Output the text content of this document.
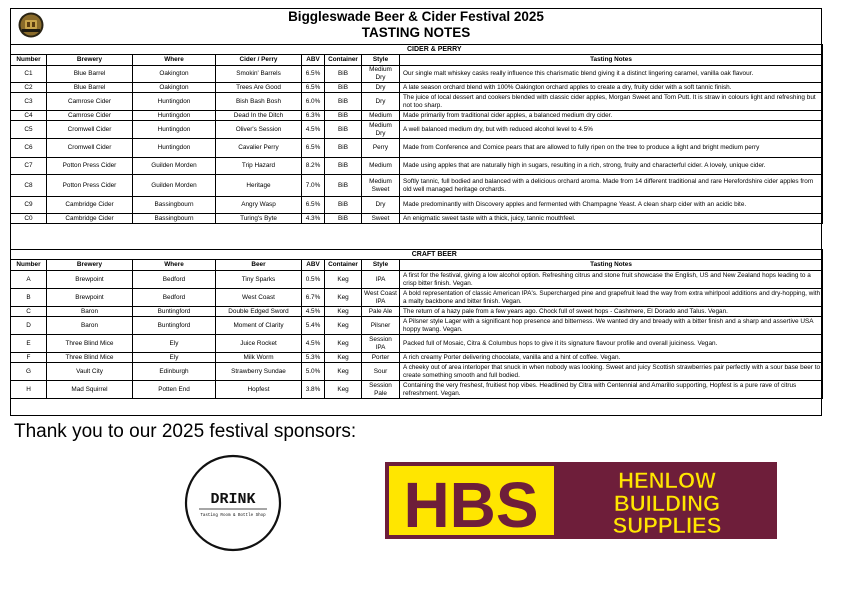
Biggleswade Beer & Cider Festival 2025
TASTING NOTES
	CIDER & PERRY						
Number	Brewery	Where	Cider / Perry	ABV	Container	Style	Tasting Notes
C1	Blue Barrel	Oakington	Smokin' Barrels	6.5%	BiB	Medium Dry	Our single malt whiskey casks really influence this charismatic blend giving it a distinct lingering caramel, vanilla oak flavour.
C2	Blue Barrel	Oakington	Trees Are Good	6.5%	BiB	Dry	A late season orchard blend with 100% Oakington orchard apples to create a dry, fruity cider with a soft tannic finish.
C3	Camrose Cider	Huntingdon	Bish Bash Bosh	6.0%	BiB	Dry	The juice of local dessert and cookers blended with classic cider apples, Morgan Sweet and Tom Putt. It is straw in colours light and refreshing but not too sharp.
C4	Camrose Cider	Huntingdon	Dead In the Ditch	6.3%	BiB	Medium	Made primarily from traditional cider apples, a balanced medium dry cider.
C5	Cromwell Cider	Huntingdon	Oliver's Session	4.5%	BiB	Medium Dry	A well balanced medium dry, but with reduced alcohol level to 4.5%
C6	Cromwell Cider	Huntingdon	Cavalier Perry	6.5%	BiB	Perry	Made from Conference and Comice pears that are allowed to fully ripen on the tree to produce a light and bright medium perry
C7	Potton Press Cider	Guilden Morden	Trip Hazard	8.2%	BiB	Medium	Made using apples that are naturally high in sugars, resulting in a rich, strong, fruity and characterful cider. A lovely, unique cider.
C8	Potton Press Cider	Guilden Morden	Heritage	7.0%	BiB	Medium Sweet	Softly tannic, full bodied and balanced with a delicious orchard aroma. Made from 14 different traditional and rare Herefordshire cider apples from old well managed heritage orchards.
C9	Cambridge Cider	Bassingbourn	Angry Wasp	6.5%	BiB	Dry	Made predominantly with Discovery apples and fermented with Champagne Yeast. A clean sharp cider with an acidic bite.
C0	Cambridge Cider	Bassingbourn	Turing's Byte	4.3%	BiB	Sweet	An enigmatic sweet taste with a thick, juicy, tannic mouthfeel.
	CRAFT BEER						
Number	Brewery	Where	Beer	ABV	Container	Style	Tasting Notes
A	Brewpoint	Bedford	Tiny Sparks	0.5%	Keg	IPA	A first for the festival, giving a low alcohol option. Refreshing citrus and stone fruit showcase the English, US and New Zealand hops leading to a crisp bitter finish. Vegan.
B	Brewpoint	Bedford	West Coast	6.7%	Keg	West Coast IPA	A bold representation of classic American IPA's. Supercharged pine and grapefruit lead the way from extra whirlpool additions and dry-hopping, with a malty backbone and bitter finish. Vegan.
C	Baron	Buntingford	Double Edged Sword	4.5%	Keg	Pale Ale	The return of a hazy pale from a few years ago. Chock full of sweet hops - Cashmere, El Dorado and Talus. Vegan.
D	Baron	Buntingford	Moment of Clarity	5.4%	Keg	Pilsner	A Pilsner style Lager with a significant hop presence and bitterness. We wanted dry and bready with a bitter finish and a sharp and assertive USA hoppy twang. Vegan.
E	Three Blind Mice	Ely	Juice Rocket	4.5%	Keg	Session IPA	Packed full of Mosaic, Citra & Columbus hops to give it its signature flavour profile and overall juiciness. Vegan.
F	Three Blind Mice	Ely	Milk Worm	5.3%	Keg	Porter	A rich creamy Porter delivering chocolate, vanilla and a hint of coffee. Vegan.
G	Vault City	Edinburgh	Strawberry Sundae	5.0%	Keg	Sour	A cheeky out of area interloper that snuck in when nobody was looking. Sweet and juicy Scottish strawberries pair perfectly with a sour base beer to create something smooth and full bodied.
H	Mad Squirrel	Potten End	Hopfest	3.8%	Keg	Session Pale	Containing the very freshest, fruitiest hop vibes. Headlined by Citra with Centennial and Amarillo supporting, Hopfest is a pure rave of citrus refreshment. Vegan.
Thank you to our 2025 festival sponsors:
DRINK
Tasting Room & Bottle Shop HBS	HENLOW
BUILDING
SUPPLIES
